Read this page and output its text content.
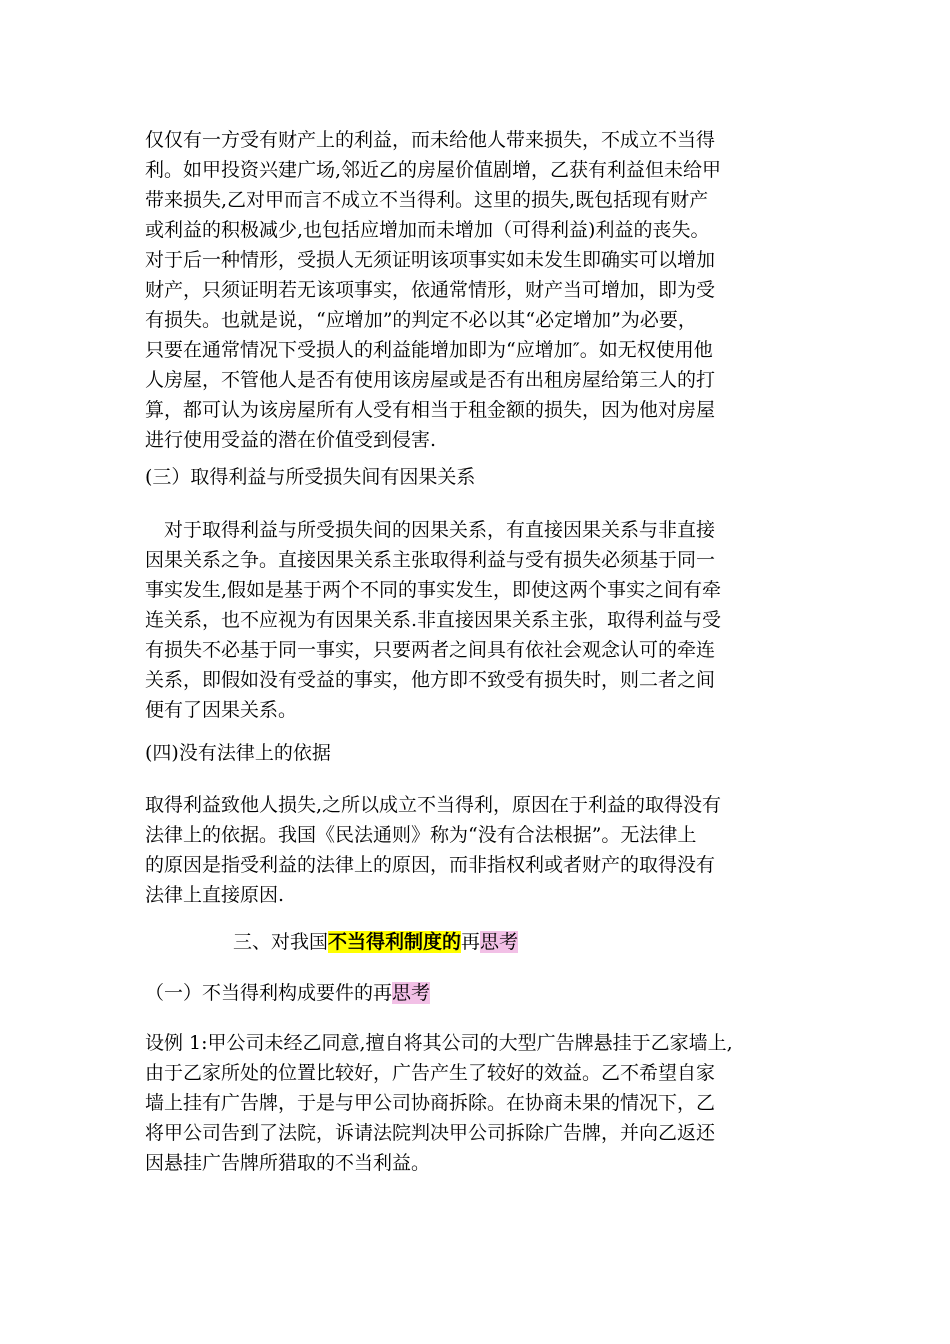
仅仅有一方受有财产上的利益，而未给他人带来损失，不成立不当得
利。如甲投资兴建广场,邻近乙的房屋价值剧增，乙获有利益但未给甲
带来损失,乙对甲而言不成立不当得利。这里的损失,既包括现有财产
或利益的积极减少,也包括应增加而未增加（可得利益)利益的丧失。
对于后一种情形，受损人无须证明该项事实如未发生即确实可以增加
财产，只须证明若无该项事实，依通常情形，财产当可增加，即为受
有损失。也就是说，“应增加”的判定不必以其“必定增加”为必要，
只要在通常情况下受损人的利益能增加即为“应增加″。如无权使用他
人房屋，不管他人是否有使用该房屋或是否有出租房屋给第三人的打
算，都可认为该房屋所有人受有相当于租金额的损失，因为他对房屋
进行使用受益的潜在价值受到侵害.
(三）取得利益与所受损失间有因果关系
对于取得利益与所受损失间的因果关系，有直接因果关系与非直接
因果关系之争。直接因果关系主张取得利益与受有损失必须基于同一
事实发生,假如是基于两个不同的事实发生，即使这两个事实之间有牵
连关系，也不应视为有因果关系.非直接因果关系主张，取得利益与受
有损失不必基于同一事实，只要两者之间具有依社会观念认可的牵连
关系，即假如没有受益的事实，他方即不致受有损失时，则二者之间
便有了因果关系。
(四)没有法律上的依据
取得利益致他人损失,之所以成立不当得利，原因在于利益的取得没有
法律上的依据。我国《民法通则》称为“没有合法根据”。无法律上
的原因是指受利益的法律上的原因，而非指权利或者财产的取得没有
法律上直接原因.
三、对我国不当得利制度的再思考
（一）不当得利构成要件的再思考
设例 1:甲公司未经乙同意,擅自将其公司的大型广告牌悬挂于乙家墙上,
由于乙家所处的位置比较好，广告产生了较好的效益。乙不希望自家
墙上挂有广告牌，于是与甲公司协商拆除。在协商未果的情况下，乙
将甲公司告到了法院，诉请法院判决甲公司拆除广告牌，并向乙返还
因悬挂广告牌所猎取的不当利益。
